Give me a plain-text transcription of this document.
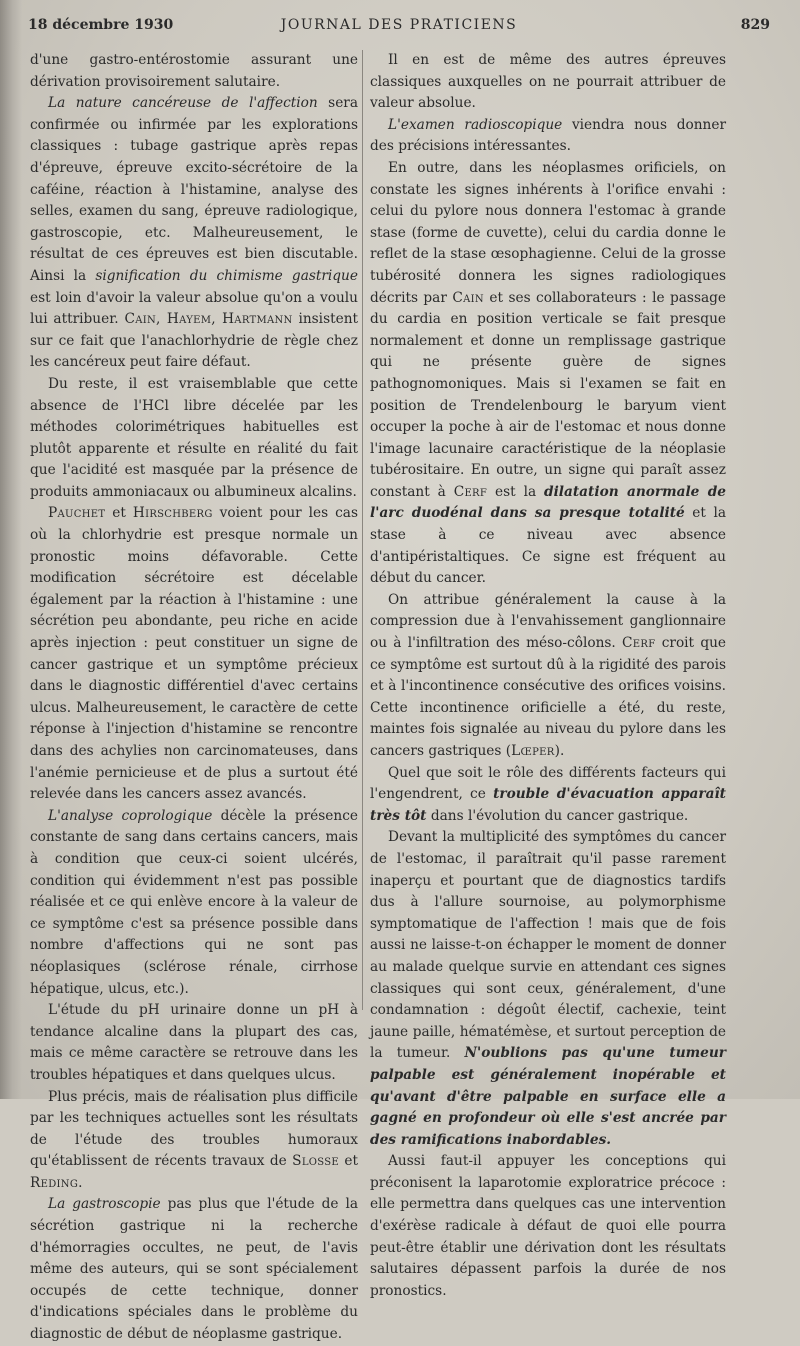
18 décembre 1930	JOURNAL DES PRATICIENS	829

d'une gastro-entérostomie assurant une dérivation provisoirement salutaire.

La nature cancéreuse de l'affection sera confirmée ou infirmée par les explorations classiques : tubage gastrique après repas d'épreuve, épreuve excito-sécrétoire de la caféine, réaction à l'histamine, analyse des selles, examen du sang, épreuve radiologique, gastroscopie, etc. Malheureusement, le résultat de ces épreuves est bien discutable. Ainsi la signification du chimisme gastrique est loin d'avoir la valeur absolue qu'on a voulu lui attribuer. Cain, Hayem, Hartmann insistent sur ce fait que l'anachlorhydrie de règle chez les cancéreux peut faire défaut.

Du reste, il est vraisemblable que cette absence de l'HCl libre décelée par les méthodes colorimétriques habituelles est plutôt apparente et résulte en réalité du fait que l'acidité est masquée par la présence de produits ammoniacaux ou albumineux alcalins.

Pauchet et Hirschberg voient pour les cas où la chlorhydrie est presque normale un pronostic moins défavorable. Cette modification sécrétoire est décelable également par la réaction à l'histamine : une sécrétion peu abondante, peu riche en acide après injection : peut constituer un signe de cancer gastrique et un symptôme précieux dans le diagnostic différentiel d'avec certains ulcus. Malheureusement, le caractère de cette réponse à l'injection d'histamine se rencontre dans des achylies non carcinomateuses, dans l'anémie pernicieuse et de plus a surtout été relevée dans les cancers assez avancés.

L'analyse coprologique décèle la présence constante de sang dans certains cancers, mais à condition que ceux-ci soient ulcérés, condition qui évidemment n'est pas possible réalisée et ce qui enlève encore à la valeur de ce symptôme c'est sa présence possible dans nombre d'affections qui ne sont pas néoplasiques (sclérose rénale, cirrhose hépatique, ulcus, etc.).

L'étude du pH urinaire donne un pH à tendance alcaline dans la plupart des cas, mais ce même caractère se retrouve dans les troubles hépatiques et dans quelques ulcus.

Plus précis, mais de réalisation plus difficile par les techniques actuelles sont les résultats de l'étude des troubles humoraux qu'établissent de récents travaux de Slosse et Reding.

La gastroscopie pas plus que l'étude de la sécrétion gastrique ni la recherche d'hémorragies occultes, ne peut, de l'avis même des auteurs, qui se sont spécialement occupés de cette technique, donner d'indications spéciales dans le problème du diagnostic de début de néoplasme gastrique.

Il en est de même des autres épreuves classiques auxquelles on ne pourrait attribuer de valeur absolue.

L'examen radioscopique viendra nous donner des précisions intéressantes.

En outre, dans les néoplasmes orificiels, on constate les signes inhérents à l'orifice envahi : celui du pylore nous donnera l'estomac à grande stase (forme de cuvette), celui du cardia donne le reflet de la stase œsophagienne. Celui de la grosse tubérosité donnera les signes radiologiques décrits par Cain et ses collaborateurs : le passage du cardia en position verticale se fait presque normalement et donne un remplissage gastrique qui ne présente guère de signes pathognomoniques. Mais si l'examen se fait en position de Trendelenbourg le baryum vient occuper la poche à air de l'estomac et nous donne l'image lacunaire caractéristique de la néoplasie tubérositaire. En outre, un signe qui paraît assez constant à Cerf est la dilatation anormale de l'arc duodénal dans sa presque totalité et la stase à ce niveau avec absence d'antipéristaltiques. Ce signe est fréquent au début du cancer.

On attribue généralement la cause à la compression due à l'envahissement ganglionnaire ou à l'infiltration des méso-côlons. Cerf croit que ce symptôme est surtout dû à la rigidité des parois et à l'incontinence consécutive des orifices voisins. Cette incontinence orificielle a été, du reste, maintes fois signalée au niveau du pylore dans les cancers gastriques (Lœper).

Quel que soit le rôle des différents facteurs qui l'engendrent, ce trouble d'évacuation apparaît très tôt dans l'évolution du cancer gastrique.

Devant la multiplicité des symptômes du cancer de l'estomac, il paraîtrait qu'il passe rarement inaperçu et pourtant que de diagnostics tardifs dus à l'allure sournoise, au polymorphisme symptomatique de l'affection ! mais que de fois aussi ne laisse-t-on échapper le moment de donner au malade quelque survie en attendant ces signes classiques qui sont ceux, généralement, d'une condamnation : dégoût électif, cachexie, teint jaune paille, hématémèse, et surtout perception de la tumeur. N'oublions pas qu'une tumeur palpable est généralement inopérable et qu'avant d'être palpable en surface elle a gagné en profondeur où elle s'est ancrée par des ramifications inabordables.

Aussi faut-il appuyer les conceptions qui préconisent la laparotomie exploratrice précoce : elle permettra dans quelques cas une intervention d'exérèse radicale à défaut de quoi elle pourra peut-être établir une dérivation dont les résultats salutaires dépassent parfois la durée de nos pronostics.
